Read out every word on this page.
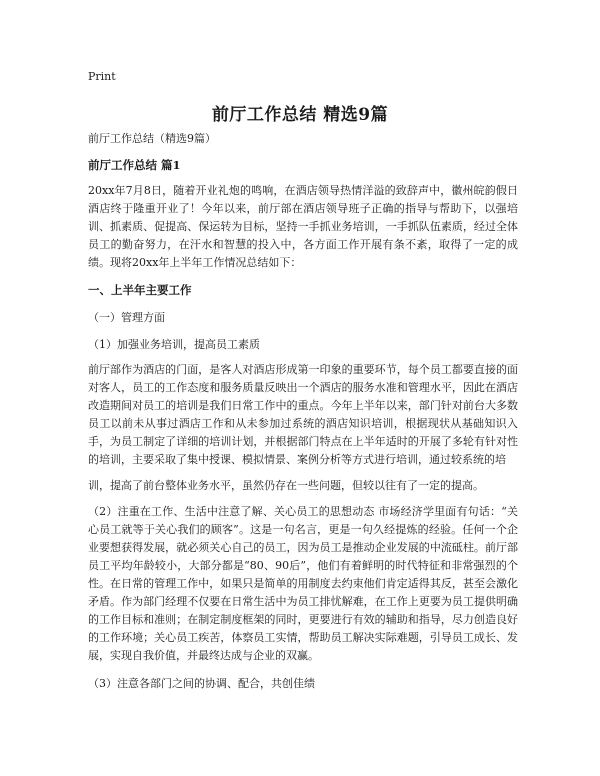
Print
前厅工作总结 精选9篇

前厅工作总结（精选9篇）

前厅工作总结 篇1

20xx年7月8日，随着开业礼炮的鸣响，在酒店领导热情洋溢的致辞声中，徽州皖韵假日酒店终于隆重开业了！今年以来，前厅部在酒店领导班子正确的指导与帮助下，以强培训、抓素质、促提高、保运转为目标，坚持一手抓业务培训，一手抓队伍素质，经过全体员工的勤奋努力，在汗水和智慧的投入中，各方面工作开展有条不紊，取得了一定的成绩。现将20xx年上半年工作情况总结如下：

一、上半年主要工作

（一）管理方面

（1）加强业务培训，提高员工素质

前厅部作为酒店的门面，是客人对酒店形成第一印象的重要环节，每个员工都要直接的面对客人，员工的工作态度和服务质量反映出一个酒店的服务水准和管理水平，因此在酒店改造期间对员工的培训是我们日常工作中的重点。今年上半年以来，部门针对前台大多数员工以前未从事过酒店工作和从未参加过系统的酒店知识培训，根据现状从基础知识入手，为员工制定了详细的培训计划，并根据部门特点在上半年适时的开展了多轮有针对性的培训，主要采取了集中授课、模拟情景、案例分析等方式进行培训，通过较系统的培

训，提高了前台整体业务水平，虽然仍存在一些问题，但较以往有了一定的提高。

（2）注重在工作、生活中注意了解、关心员工的思想动态 市场经济学里面有句话：“关心员工就等于关心我们的顾客”。这是一句名言，更是一句久经提炼的经验。任何一个企业要想获得发展，就必须关心自己的员工，因为员工是推动企业发展的中流砥柱。前厅部员工平均年龄较小，大部分都是“80、90后”，他们有着鲜明的时代特征和非常强烈的个性。在日常的管理工作中，如果只是简单的用制度去约束他们肯定适得其反，甚至会激化矛盾。作为部门经理不仅要在日常生活中为员工排忧解难，在工作上更要为员工提供明确的工作目标和准则；在制定制度框架的同时，更要进行有效的辅助和指导，尽力创造良好的工作环境；关心员工疾苦，体察员工实情，帮助员工解决实际难题，引导员工成长、发展，实现自我价值，并最终达成与企业的双赢。

（3）注意各部门之间的协调、配合，共创佳绩
